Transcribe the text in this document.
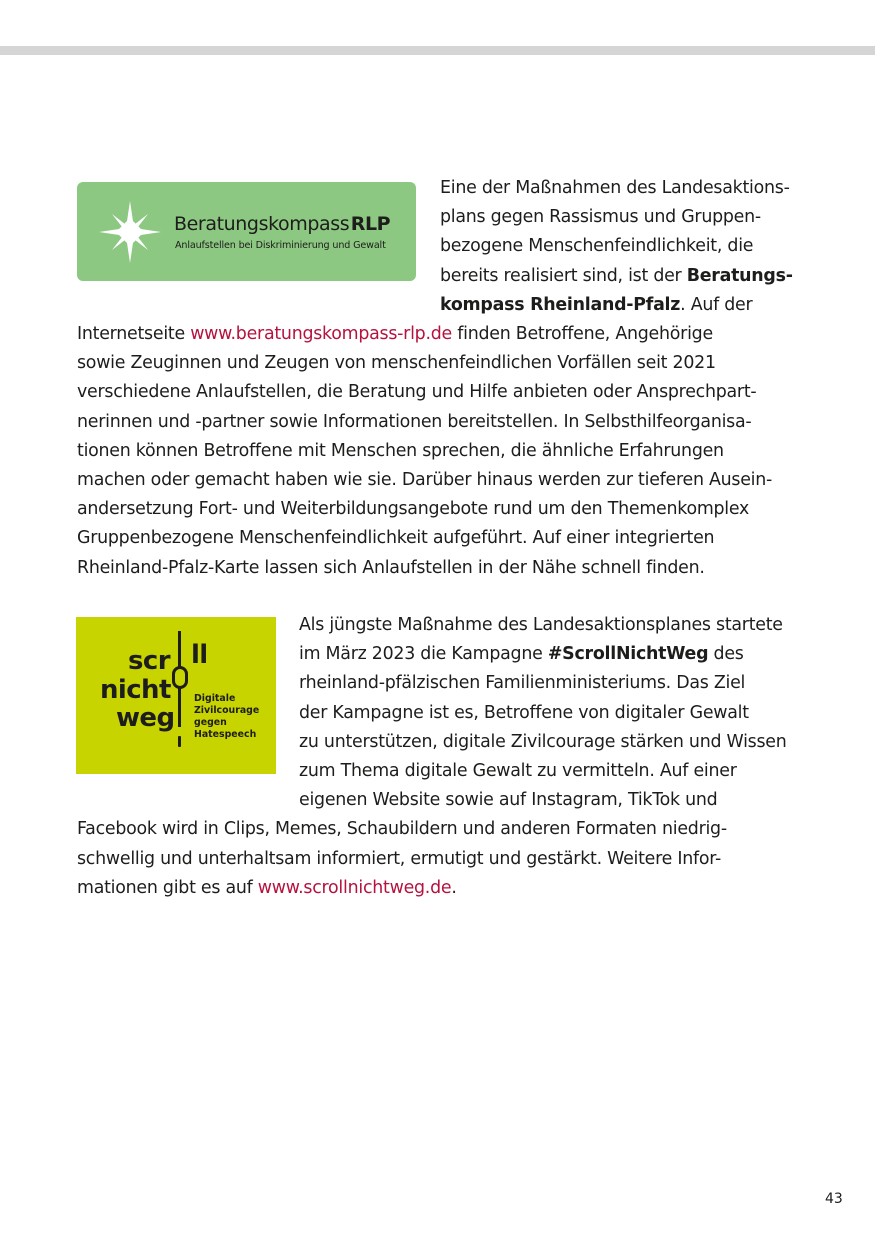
Beratungskompass RLP
Anlaufstellen bei Diskriminierung und Gewalt
scr ll
nicht
weg
Digitale
Zivilcourage
gegen
Hatespeech

Eine der Maßnahmen des Landesaktions-
plans gegen Rassismus und Gruppen-
bezogene Menschenfeindlichkeit, die
bereits realisiert sind, ist der Beratungs-
kompass Rheinland-Pfalz. Auf der
Internetseite www.beratungskompass-rlp.de finden Betroffene, Angehörige
sowie Zeuginnen und Zeugen von menschenfeindlichen Vorfällen seit 2021
verschiedene Anlaufstellen, die Beratung und Hilfe anbieten oder Ansprechpart-
nerinnen und -partner sowie Informationen bereitstellen. In Selbsthilfeorganisa-
tionen können Betroffene mit Menschen sprechen, die ähnliche Erfahrungen
machen oder gemacht haben wie sie. Darüber hinaus werden zur tieferen Ausein-
andersetzung Fort- und Weiterbildungsangebote rund um den Themenkomplex
Gruppenbezogene Menschenfeindlichkeit aufgeführt. Auf einer integrierten
Rheinland-Pfalz-Karte lassen sich Anlaufstellen in der Nähe schnell finden.

Als jüngste Maßnahme des Landesaktionsplanes startete
im März 2023 die Kampagne #ScrollNichtWeg des
rheinland-pfälzischen Familienministeriums. Das Ziel
der Kampagne ist es, Betroffene von digitaler Gewalt
zu unterstützen, digitale Zivilcourage stärken und Wissen
zum Thema digitale Gewalt zu vermitteln. Auf einer
eigenen Website sowie auf Instagram, TikTok und
Facebook wird in Clips, Memes, Schaubildern und anderen Formaten niedrig-
schwellig und unterhaltsam informiert, ermutigt und gestärkt. Weitere Infor-
mationen gibt es auf www.scrollnichtweg.de.

43
